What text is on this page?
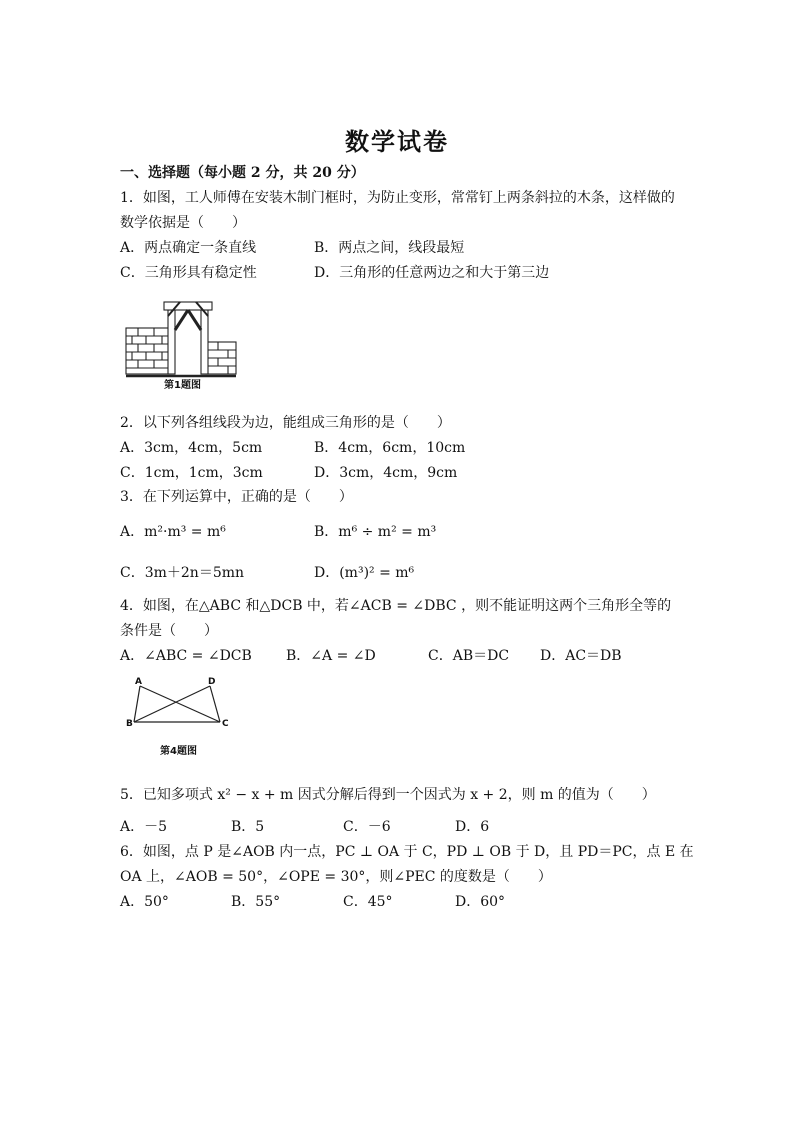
数学试卷
一、选择题（每小题 2 分，共 20 分）
1．如图，工人师傅在安装木制门框时，为防止变形，常常钉上两条斜拉的木条，这样做的
数学依据是（　　）
A．两点确定一条直线	B．两点之间，线段最短
C．三角形具有稳定性	D．三角形的任意两边之和大于第三边
第1题图
2．以下列各组线段为边，能组成三角形的是（　　）
A．3cm，4cm，5cm	B．4cm，6cm，10cm
C．1cm，1cm，3cm	D．3cm，4cm，9cm
3．在下列运算中，正确的是（　　）
A．m²·m³ = m⁶	B．m⁶ ÷ m² = m³
C．3m＋2n＝5mn	D．(m³)² = m⁶
4．如图，在△ABC 和△DCB 中，若∠ACB = ∠DBC ，则不能证明这两个三角形全等的
条件是（　　）
A．∠ABC = ∠DCB B．∠A = ∠D	C．AB＝DC D．AC＝DB
A	D
B	C
第4题图
5．已知多项式 x² − x + m 因式分解后得到一个因式为 x + 2，则 m 的值为（　　）
A．－5	B．5	C．－6	D．6
6．如图，点 P 是∠AOB 内一点，PC ⊥ OA 于 C，PD ⊥ OB 于 D，且 PD＝PC，点 E 在
OA 上，∠AOB = 50°，∠OPE = 30°，则∠PEC 的度数是（　　）
A．50°	B．55°	C．45°	D．60°
